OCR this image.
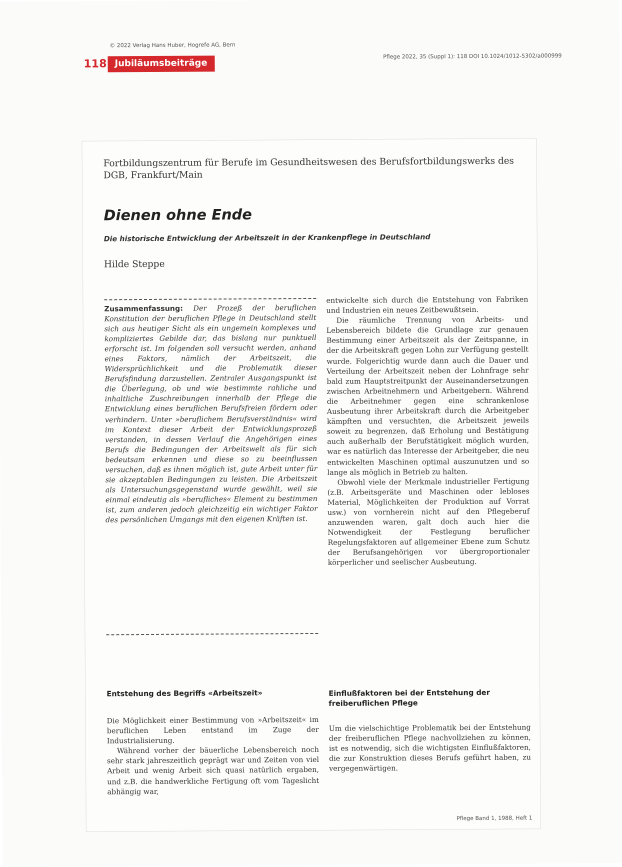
© 2022 Verlag Hans Huber, Hogrefe AG, Bern
118 Jubiläumsbeiträge
Pflege 2022, 35 (Suppl 1): 118 DOI 10.1024/1012-5302/a000999
Fortbildungszentrum für Berufe im Gesundheitswesen des Berufsfortbildungswerks des DGB, Frankfurt/Main
Dienen ohne Ende
Die historische Entwicklung der Arbeitszeit in der Krankenpflege in Deutschland
Hilde Steppe
Zusammenfassung: Der Prozeß der beruflichen Konstitution der beruflichen Pflege in Deutschland stellt sich aus heutiger Sicht als ein ungemein komplexes und kompliziertes Gebilde dar, das bislang nur punktuell erforscht ist. Im folgenden soll versucht werden, anhand eines Faktors, nämlich der Arbeitszeit, die Widersprüchlichkeit und die Problematik dieser Berufsfindung darzustellen. Zentraler Ausgangspunkt ist die Überlegung, ob und wie bestimmte rahliche und inhaltliche Zuschreibungen innerhalb der Pflege die Entwicklung eines beruflichen Berufsfreien fördern oder verhindern. Unter »beruflichem Berufsverständnis« wird im Kontext dieser Arbeit der Entwicklungsprozeß verstanden, in dessen Verlauf die Angehörigen eines Berufs die Bedingungen der Arbeitswelt als für sich bedeutsam erkennen und diese so zu beeinflussen versuchen, daß es ihnen möglich ist, gute Arbeit unter für sie akzeptablen Bedingungen zu leisten. Die Arbeitszeit als Untersuchungsgegenstand wurde gewählt, weil sie einmal eindeutig als »berufliches« Element zu bestimmen ist, zum anderen jedoch gleichzeitig ein wichtiger Faktor des persönlichen Umgangs mit den eigenen Kräften ist.
Entstehung des Begriffs «Arbeitszeit»

Die Möglichkeit einer Bestimmung von »Arbeitszeit« im beruflichen Leben entstand im Zuge der Industrialisierung.

Während vorher der bäuerliche Lebensbereich noch sehr stark jahreszeitlich geprägt war und Zeiten von viel Arbeit und wenig Arbeit sich quasi natürlich ergaben, und z.B. die handwerkliche Fertigung oft vom Tageslicht abhängig war,

entwickelte sich durch die Entstehung von Fabriken und Industrien ein neues Zeitbewußtsein.

Die räumliche Trennung von Arbeits- und Lebensbereich bildete die Grundlage zur genauen Bestimmung einer Arbeitszeit als der Zeitspanne, in der die Arbeitskraft gegen Lohn zur Verfügung gestellt wurde. Folgerichtig wurde dann auch die Dauer und Verteilung der Arbeitszeit neben der Lohnfrage sehr bald zum Hauptstreitpunkt der Auseinandersetzungen zwischen Arbeitnehmern und Arbeitgebern. Während die Arbeitnehmer gegen eine schrankenlose Ausbeutung ihrer Arbeitskraft durch die Arbeitgeber kämpften und versuchten, die Arbeitszeit jeweils soweit zu begrenzen, daß Erholung und Bestätigung auch außerhalb der Berufstätigkeit möglich wurden, war es natürlich das Interesse der Arbeitgeber, die neu entwickelten Maschinen optimal auszunutzen und so lange als möglich in Betrieb zu halten.

Obwohl viele der Merkmale industrieller Fertigung (z.B. Arbeitsgeräte und Maschinen oder lebloses Material, Möglichkeiten der Produktion auf Vorrat usw.) von vornherein nicht auf den Pflegeberuf anzuwenden waren, galt doch auch hier die Notwendigkeit der Festlegung beruflicher Regelungsfaktoren auf allgemeiner Ebene zum Schutz der Berufsangehörigen vor übergroportionaler körperlicher und seelischer Ausbeutung.

Einflußfaktoren bei der Entstehung der freiberuflichen Pflege

Um die vielschichtige Problematik bei der Entstehung der freiberuflichen Pflege nachvollziehen zu können, ist es notwendig, sich die wichtigsten Einflußfaktoren, die zur Konstruktion dieses Berufs geführt haben, zu vergegenwärtigen.

Pflege Band 1, 1988, Heft 1
